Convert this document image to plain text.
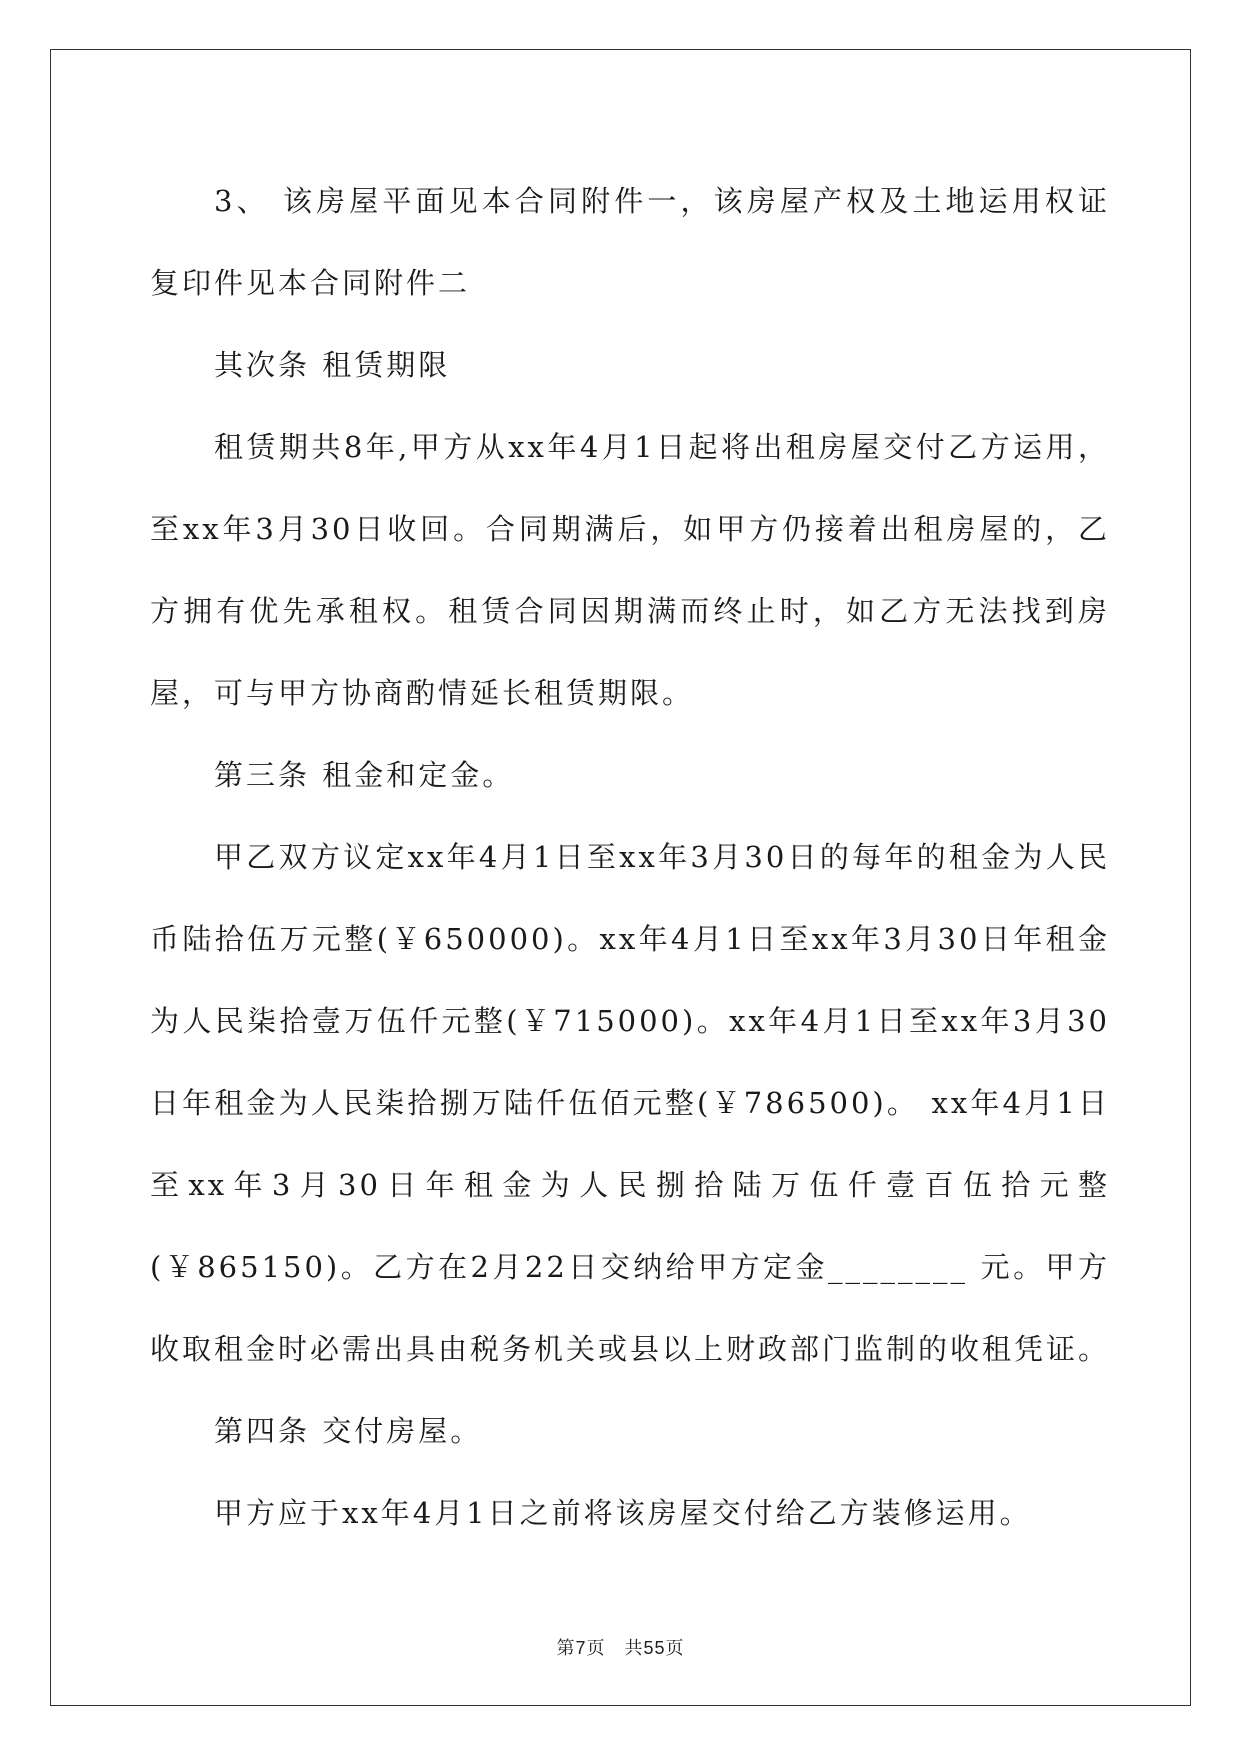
3、 该房屋平面见本合同附件一，该房屋产权及土地运用权证复印件见本合同附件二

其次条 租赁期限

租赁期共8年,甲方从xx年4月1日起将出租房屋交付乙方运用，至xx年3月30日收回。合同期满后，如甲方仍接着出租房屋的，乙方拥有优先承租权。租赁合同因期满而终止时，如乙方无法找到房屋，可与甲方协商酌情延长租赁期限。

第三条 租金和定金。

甲乙双方议定xx年4月1日至xx年3月30日的每年的租金为人民币陆拾伍万元整(￥650000)。xx年4月1日至xx年3月30日年租金为人民柒拾壹万伍仟元整(￥715000)。xx年4月1日至xx年3月30日年租金为人民柒拾捌万陆仟伍佰元整(￥786500)。 xx年4月1日至xx年3月30日年租金为人民捌拾陆万伍仟壹百伍拾元整(￥865150)。乙方在2月22日交纳给甲方定金________ 元。甲方收取租金时必需出具由税务机关或县以上财政部门监制的收租凭证。

第四条 交付房屋。

甲方应于xx年4月1日之前将该房屋交付给乙方装修运用。

第7页　共55页
